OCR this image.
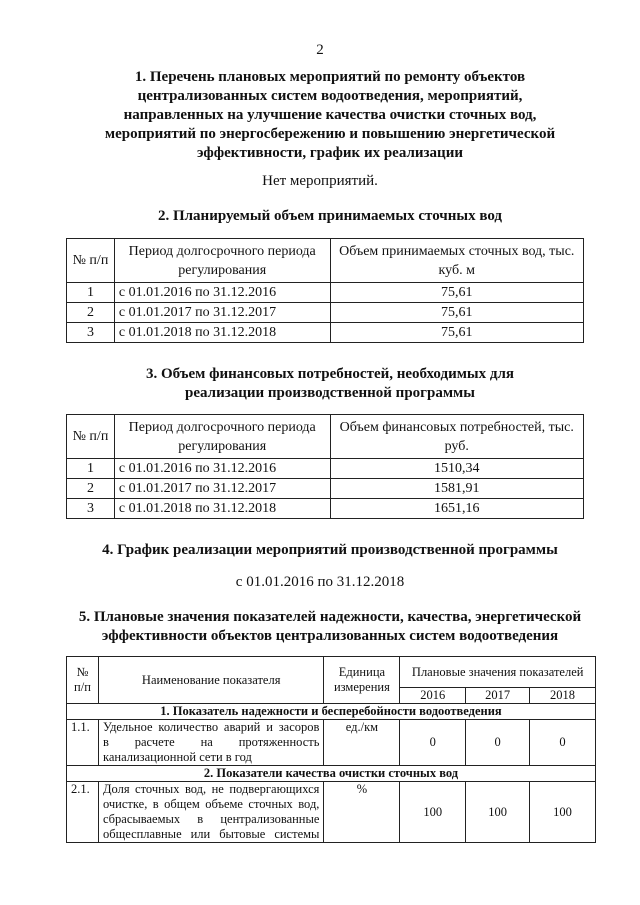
2
1. Перечень плановых мероприятий по ремонту объектов
централизованных систем водоотведения, мероприятий,
направленных на улучшение качества очистки сточных вод,
мероприятий по энергосбережению и повышению энергетической
эффективности, график их реализации
Нет мероприятий.
2. Планируемый объем принимаемых сточных вод
№ п/п	Период долгосрочного периода регулирования	Объем принимаемых сточных вод, тыс. куб. м
1	с 01.01.2016 по 31.12.2016	75,61
2	с 01.01.2017 по 31.12.2017	75,61
3	с 01.01.2018 по 31.12.2018	75,61
3. Объем финансовых потребностей, необходимых для
реализации производственной программы
№ п/п	Период долгосрочного периода регулирования	Объем финансовых потребностей, тыс. руб.
1	с 01.01.2016 по 31.12.2016	1510,34
2	с 01.01.2017 по 31.12.2017	1581,91
3	с 01.01.2018 по 31.12.2018	1651,16
4. График реализации мероприятий производственной программы
с 01.01.2016 по 31.12.2018
5. Плановые значения показателей надежности, качества, энергетической
эффективности объектов централизованных систем водоотведения
№ п/п	Наименование показателя	Единица измерения	Плановые значения показателей		
			2016	2017	2018
1. Показатель надежности и бесперебойности водоотведения					
1.1.	Удельное количество аварий и засоров
в расчете на протяженность
канализационной сети в год	ед./км	0	0	0
2. Показатели качества очистки сточных вод					
2.1.	Доля сточных вод, не подвергающихся
очистке, в общем объеме сточных вод,
сбрасываемых в централизованные
общесплавные или бытовые системы	%	100	100	100
